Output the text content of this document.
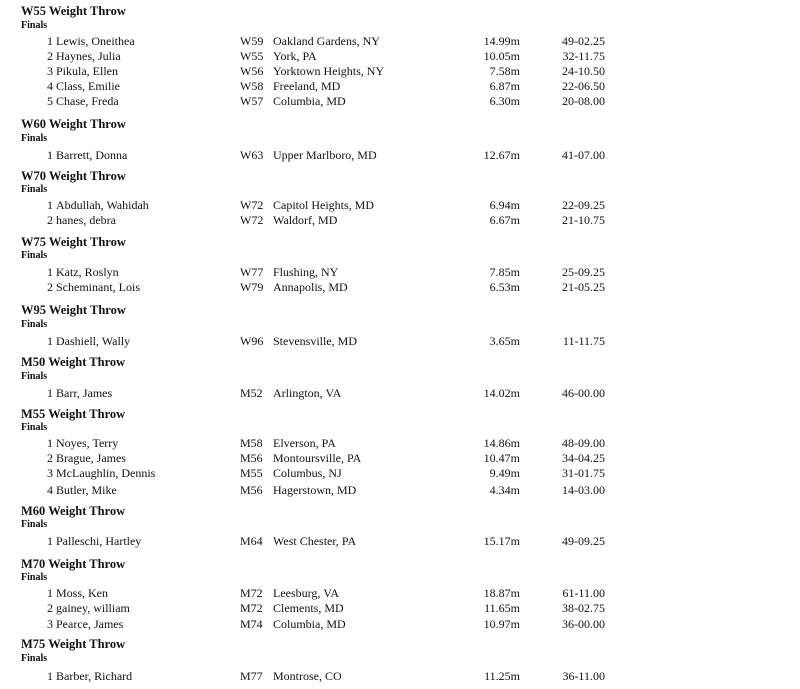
W55 Weight Throw
Finals
1 Lewis, Oneithea	W59 Oakland Gardens, NY	14.99m	49-02.25
2 Haynes, Julia	W55 York, PA	10.05m	32-11.75
3 Pikula, Ellen	W56 Yorktown Heights, NY	7.58m	24-10.50
4 Class, Emilie	W58 Freeland, MD	6.87m	22-06.50
5 Chase, Freda	W57 Columbia, MD	6.30m	20-08.00
W60 Weight Throw
Finals
1 Barrett, Donna	W63 Upper Marlboro, MD	12.67m	41-07.00
W70 Weight Throw
Finals
1 Abdullah, Wahidah	W72 Capitol Heights, MD	6.94m	22-09.25
2 hanes, debra	W72 Waldorf, MD	6.67m	21-10.75
W75 Weight Throw
Finals
1 Katz, Roslyn	W77 Flushing, NY	7.85m	25-09.25
2 Scheminant, Lois	W79 Annapolis, MD	6.53m	21-05.25
W95 Weight Throw
Finals
1 Dashiell, Wally	W96 Stevensville, MD	3.65m	11-11.75
M50 Weight Throw
Finals
1 Barr, James	M52 Arlington, VA	14.02m	46-00.00
M55 Weight Throw
Finals
1 Noyes, Terry	M58 Elverson, PA	14.86m	48-09.00
2 Brague, James	M56 Montoursville, PA	10.47m	34-04.25
3 McLaughlin, Dennis	M55 Columbus, NJ	9.49m	31-01.75
4 Butler, Mike	M56 Hagerstown, MD	4.34m	14-03.00
M60 Weight Throw
Finals
1 Palleschi, Hartley	M64 West Chester, PA	15.17m	49-09.25
M70 Weight Throw
Finals
1 Moss, Ken	M72 Leesburg, VA	18.87m	61-11.00
2 gainey, william	M72 Clements, MD	11.65m	38-02.75
3 Pearce, James	M74 Columbia, MD	10.97m	36-00.00
M75 Weight Throw
Finals
1 Barber, Richard	M77 Montrose, CO	11.25m	36-11.00
